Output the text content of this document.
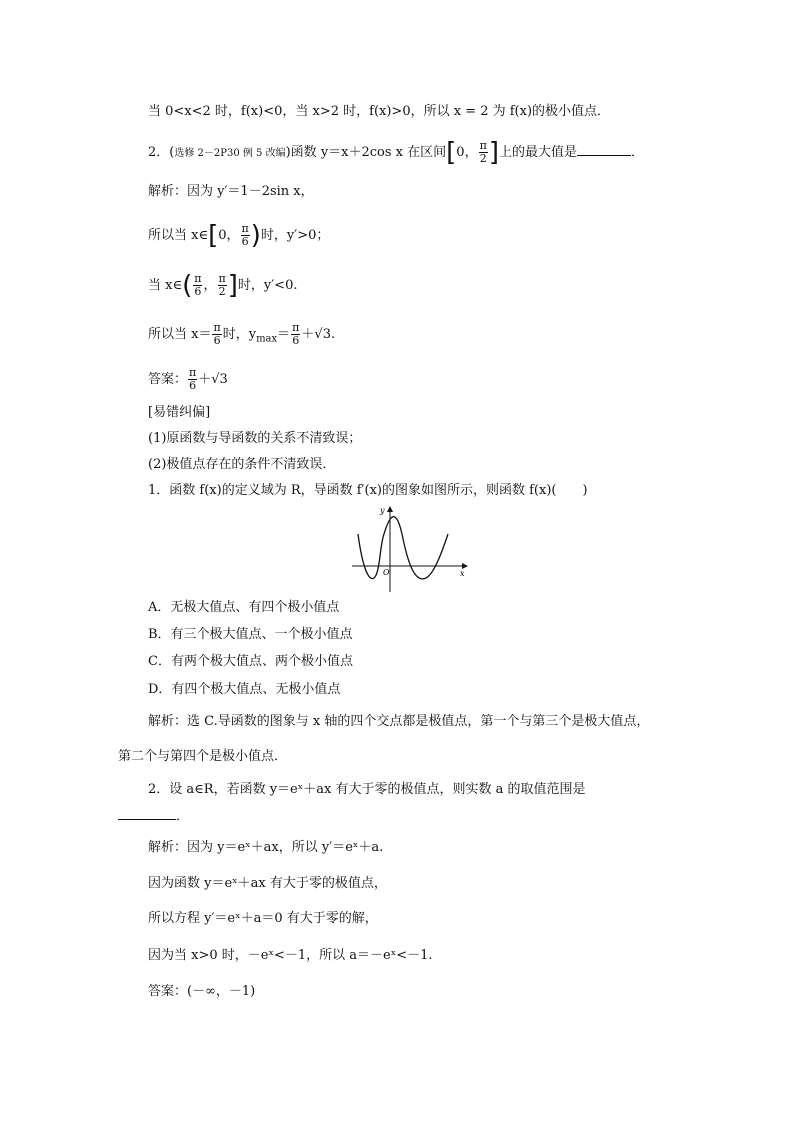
当 0<x<2 时，f(x)<0，当 x>2 时，f(x)>0，所以 x = 2 为 f(x)的极小值点．
2．(选修 2－2P30 例 5 改编)函数 y＝x＋2cos x 在区间[0， $\frac{\pi}{2}$ ]上的最大值是	．
解析：因为 y′＝1－2sin x，
所以当 x∈[0， $\frac{\pi}{6}$ )时，y′>0；
当 x∈( $\frac{\pi}{6}$ ， $\frac{\pi}{2}$ ]时，y′<0.
所以当 $x= \frac{\pi}{6}$ 时，$y_{max}= \frac{\pi}{6} +√3$.
答案： $\frac{\pi}{6} +√3$
[易错纠偏]
(1)原函数与导函数的关系不清致误；
(2)极值点存在的条件不清致误．
1．函数 f(x)的定义域为 R，导函数 f′(x)的图象如图所示，则函数 f(x)(　　)
y
x
O
A．无极大值点、有四个极小值点
B．有三个极大值点、一个极小值点
C．有两个极大值点、两个极小值点
D．有四个极大值点、无极小值点
解析：选 C.导函数的图象与 x 轴的四个交点都是极值点，第一个与第三个是极大值点，
第二个与第四个是极小值点．
2．设 a∈R，若函数 y＝eˣ＋ax 有大于零的极值点，则实数 a 的取值范围是
．
解析：因为 y＝eˣ＋ax，所以 y′＝eˣ＋a.
因为函数 y＝eˣ＋ax 有大于零的极值点，
所以方程 y′＝eˣ＋a＝0 有大于零的解，
因为当 x>0 时，－eˣ<－1，所以 a＝－eˣ<－1.
答案：(－∞，－1)
